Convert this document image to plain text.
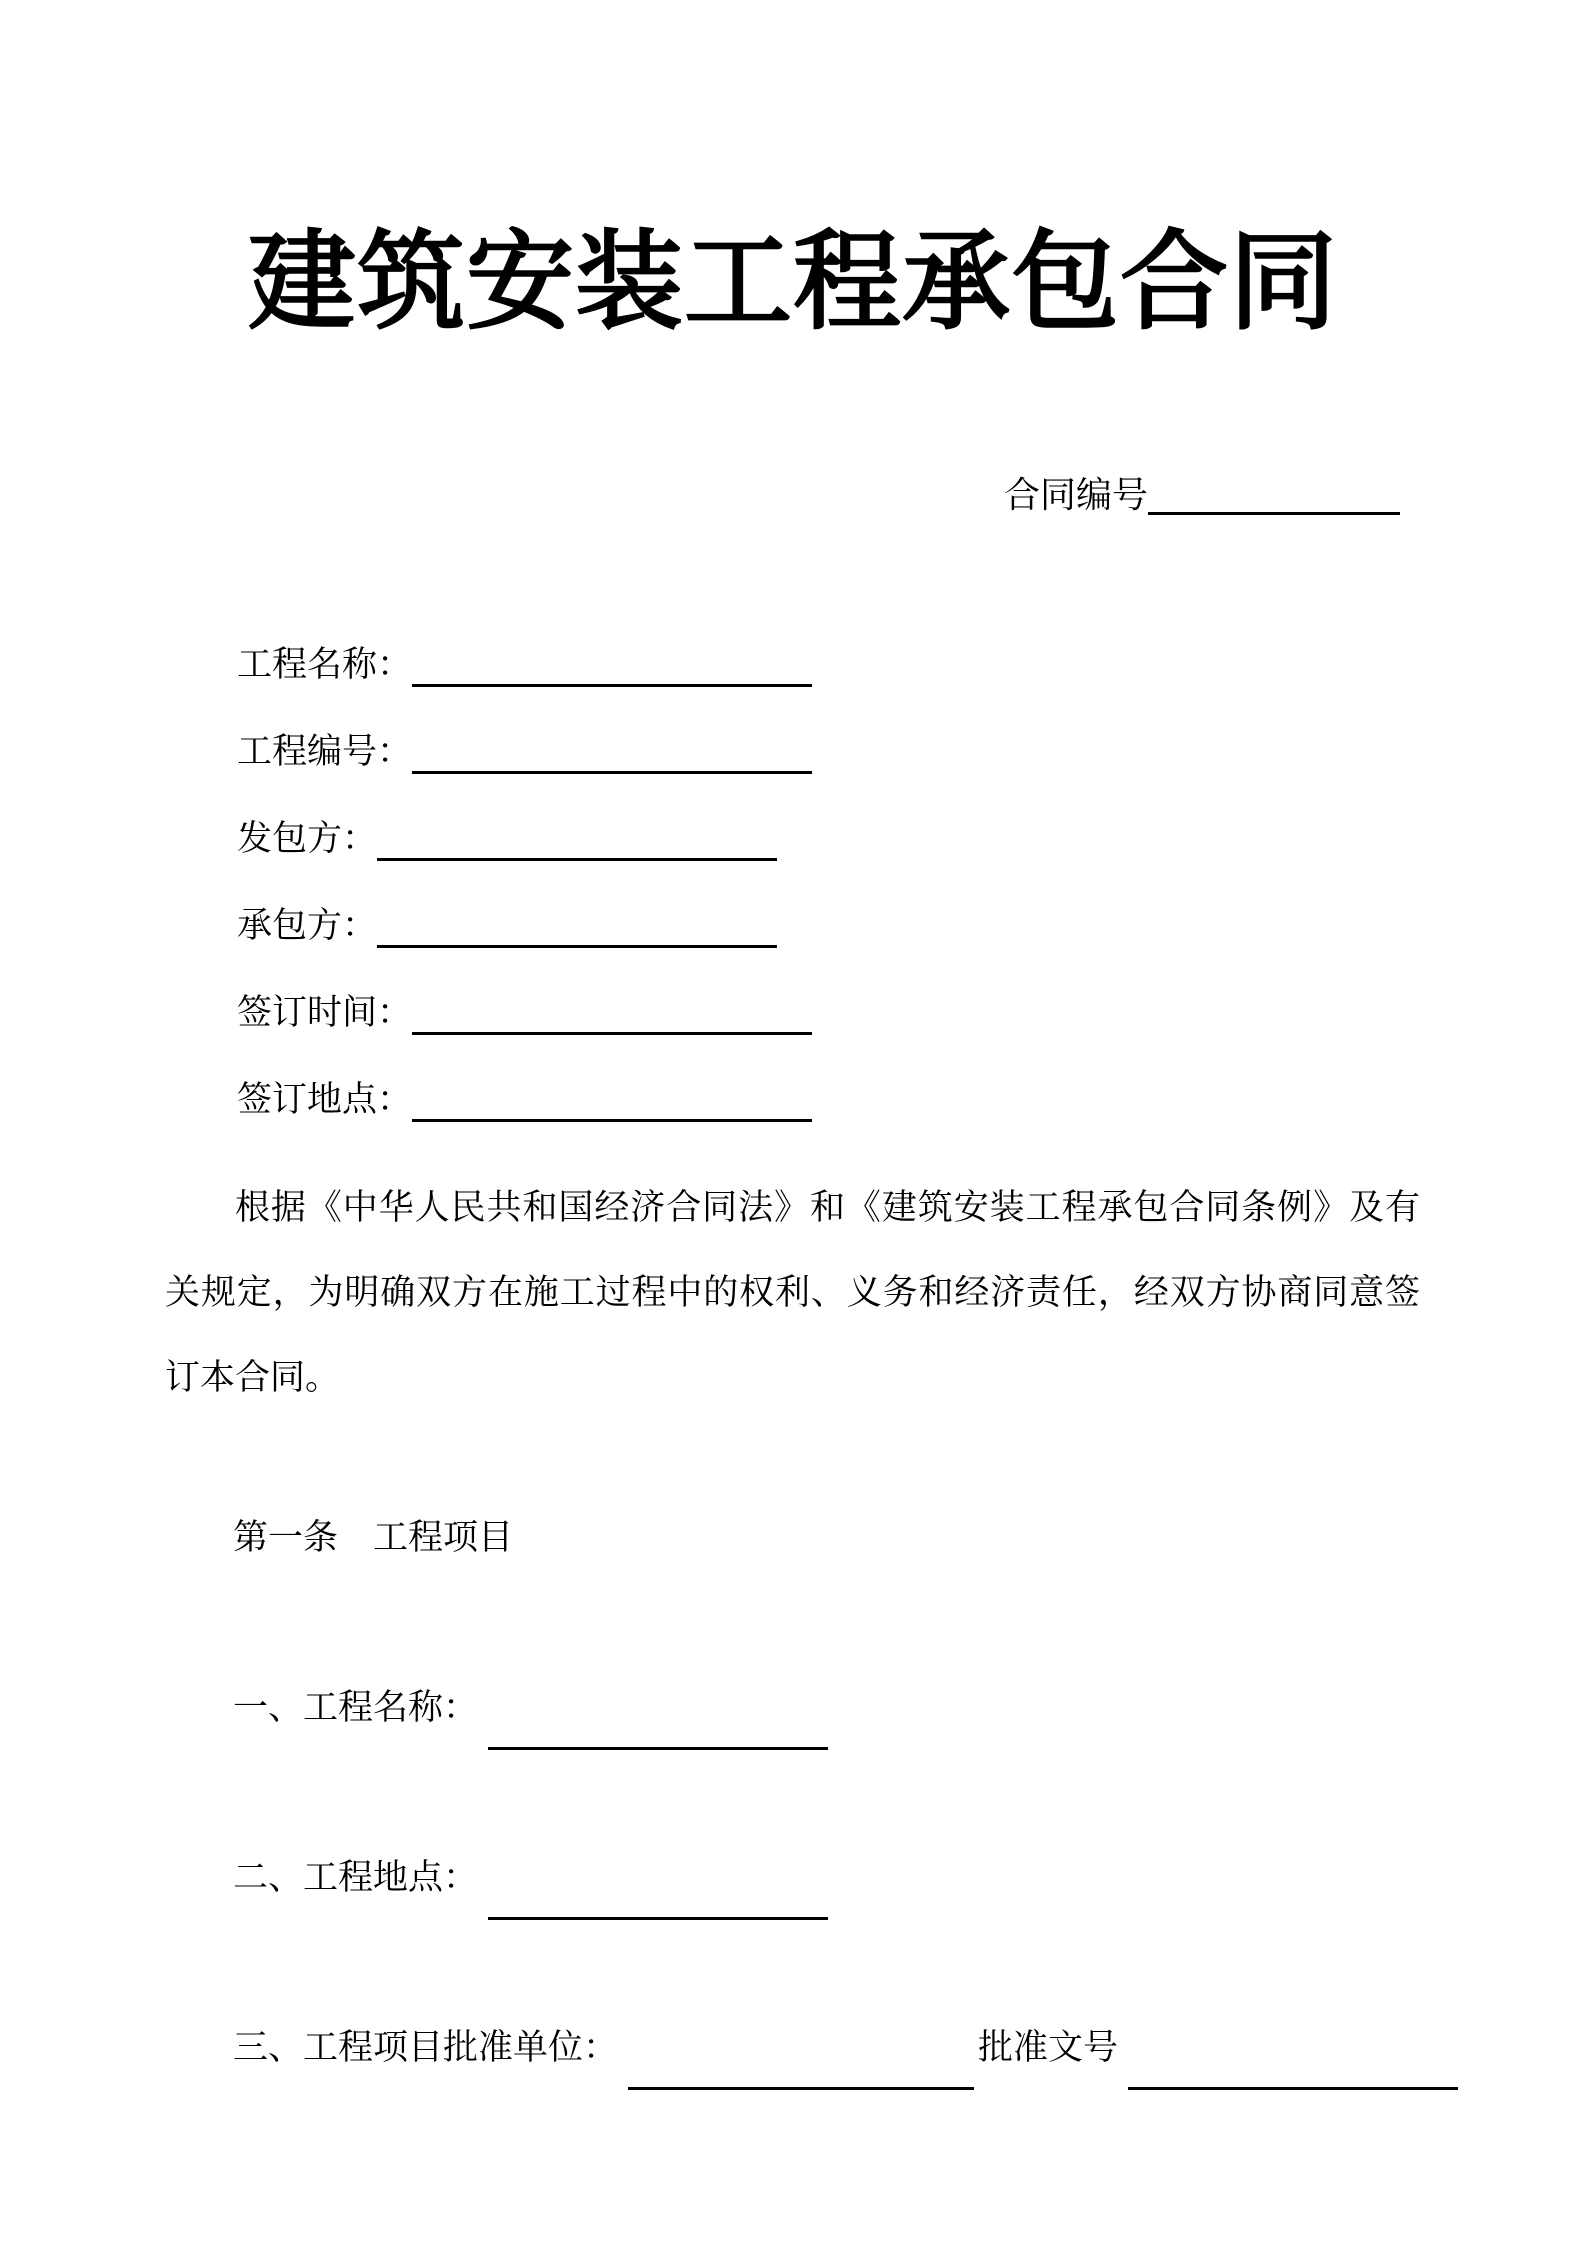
建筑安装工程承包合同
合同编号
工程名称：
工程编号：
发包方：
承包方：
签订时间：
签订地点：

根据《中华人民共和国经济合同法》和《建筑安装工程承包合同条例》及有关规定，为明确双方在施工过程中的权利、义务和经济责任，经双方协商同意签订本合同。

第一条　工程项目
一、工程名称：
二、工程地点：
三、工程项目批准单位：	批准文号
